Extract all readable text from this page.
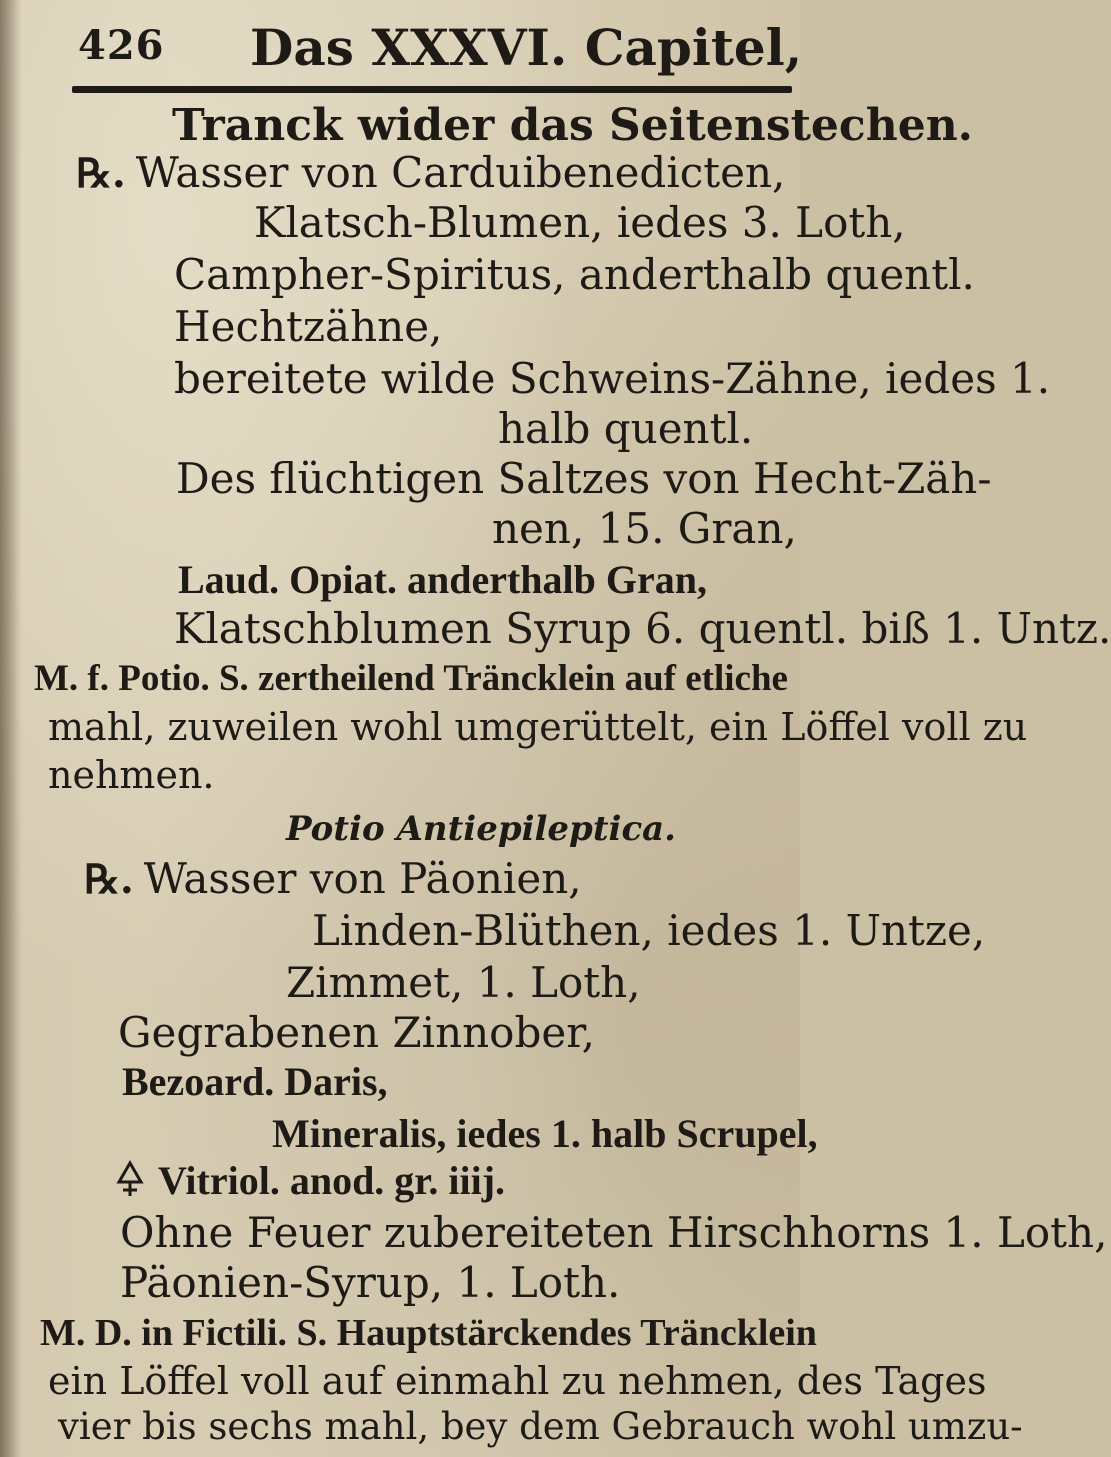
426 Das XXXVI. Capitel,
Tranck wider das Seitenstechen.
℞. Wasser von Carduibenedicten,
Klatsch-Blumen, iedes 3. Loth,
Campher-Spiritus, anderthalb quentl.
Hechtzähne,
bereitete wilde Schweins-Zähne, iedes 1.
halb quentl.
Des flüchtigen Saltzes von Hecht-Zäh-
nen, 15. Gran,
Laud. Opiat. anderthalb Gran,
Klatschblumen Syrup 6. quentl. biß 1. Untz.
M. f. Potio. S. zertheilend Träncklein auf etliche
mahl, zuweilen wohl umgerüttelt, ein Löffel voll zu
nehmen.
Potio Antiepileptica.
℞. Wasser von Päonien,
Linden-Blüthen, iedes 1. Untze,
Zimmet, 1. Loth,
Gegrabenen Zinnober,
Bezoard. Daris,
Mineralis, iedes 1. halb Scrupel,
Vitriol. anod. gr. iiij.
Ohne Feuer zubereiteten Hirschhorns 1. Loth,
Päonien-Syrup, 1. Loth.
M. D. in Fictili. S. Hauptstärckendes Träncklein
ein Löffel voll auf einmahl zu nehmen, des Tages
vier bis sechs mahl, bey dem Gebrauch wohl umzu-
